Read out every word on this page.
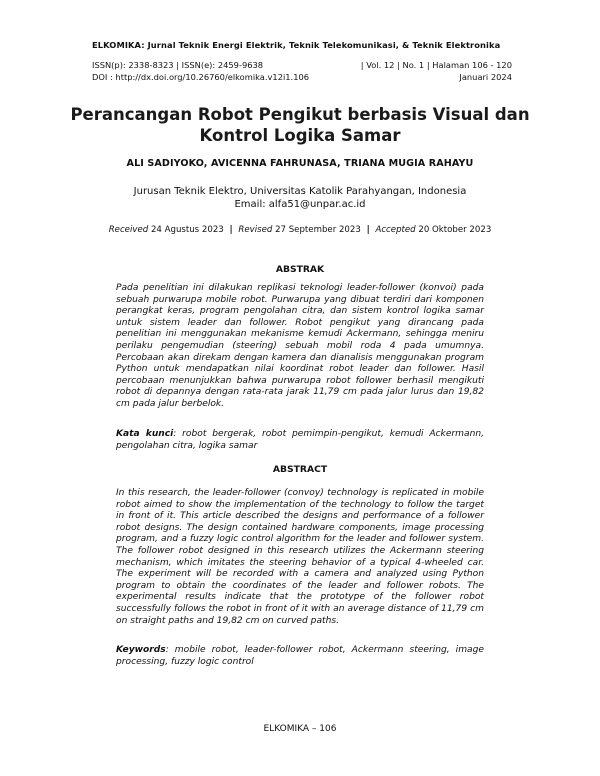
ELKOMIKA: Jurnal Teknik Energi Elektrik, Teknik Telekomunikasi, & Teknik Elektronika
ISSN(p): 2338-8323 | ISSN(e): 2459-9638	| Vol. 12 | No. 1 | Halaman 106 - 120
DOI : http://dx.doi.org/10.26760/elkomika.v12i1.106	Januari 2024
Perancangan Robot Pengikut berbasis Visual dan Kontrol Logika Samar
ALI SADIYOKO, AVICENNA FAHRUNASA, TRIANA MUGIA RAHAYU
Jurusan Teknik Elektro, Universitas Katolik Parahyangan, Indonesia
Email: alfa51@unpar.ac.id
Received 24 Agustus 2023 | Revised 27 September 2023 | Accepted 20 Oktober 2023
ABSTRAK
Pada penelitian ini dilakukan replikasi teknologi leader-follower (konvoi) pada sebuah purwarupa mobile robot. Purwarupa yang dibuat terdiri dari komponen perangkat keras, program pengolahan citra, dan sistem kontrol logika samar untuk sistem leader dan follower. Robot pengikut yang dirancang pada penelitian ini menggunakan mekanisme kemudi Ackermann, sehingga meniru perilaku pengemudian (steering) sebuah mobil roda 4 pada umumnya. Percobaan akan direkam dengan kamera dan dianalisis menggunakan program Python untuk mendapatkan nilai koordinat robot leader dan follower. Hasil percobaan menunjukkan bahwa purwarupa robot follower berhasil mengikuti robot di depannya dengan rata-rata jarak 11,79 cm pada jalur lurus dan 19,82 cm pada jalur berbelok.
Kata kunci: robot bergerak, robot pemimpin-pengikut, kemudi Ackermann, pengolahan citra, logika samar
ABSTRACT
In this research, the leader-follower (convoy) technology is replicated in mobile robot aimed to show the implementation of the technology to follow the target in front of it. This article described the designs and performance of a follower robot designs. The design contained hardware components, image processing program, and a fuzzy logic control algorithm for the leader and follower system. The follower robot designed in this research utilizes the Ackermann steering mechanism, which imitates the steering behavior of a typical 4-wheeled car. The experiment will be recorded with a camera and analyzed using Python program to obtain the coordinates of the leader and follower robots. The experimental results indicate that the prototype of the follower robot successfully follows the robot in front of it with an average distance of 11,79 cm on straight paths and 19,82 cm on curved paths.
Keywords: mobile robot, leader-follower robot, Ackermann steering, image processing, fuzzy logic control
ELKOMIKA – 106
